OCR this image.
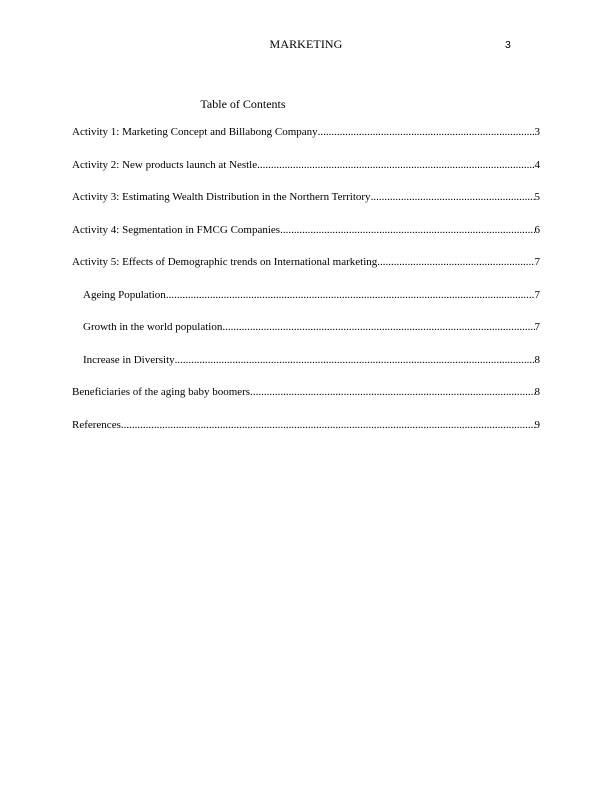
MARKETING	3
Table of Contents
Activity 1: Marketing Concept and Billabong Company .....	3
Activity 2: New products launch at Nestle .....	4
Activity 3: Estimating Wealth Distribution in the Northern Territory .....	5
Activity 4: Segmentation in FMCG Companies .....	6
Activity 5: Effects of Demographic trends on International marketing .....	7
Ageing Population .....	7
Growth in the world population .....	7
Increase in Diversity .....	8
Beneficiaries of the aging baby boomers .....	8
References .....	9
